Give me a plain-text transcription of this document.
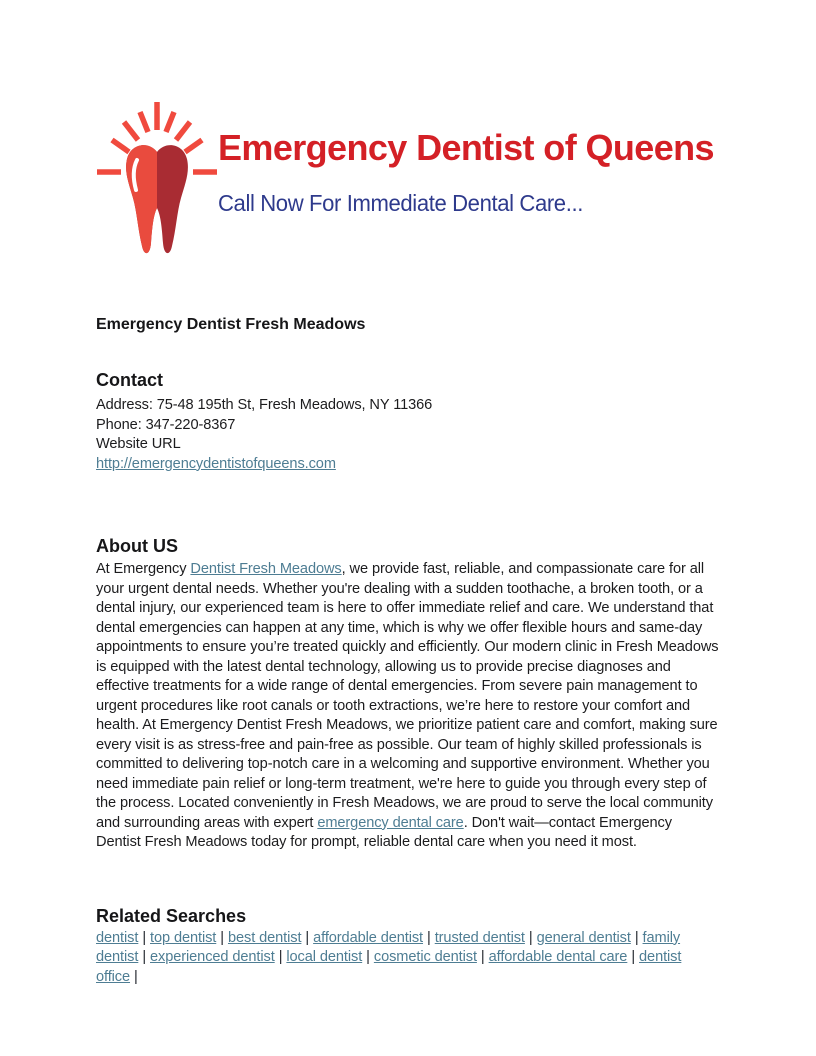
Emergency Dentist of Queens
Call Now For Immediate Dental Care...
Emergency Dentist Fresh Meadows
Contact
Address: 75-48 195th St, Fresh Meadows, NY 11366
Phone: 347-220-8367
Website URL
http://emergencydentistofqueens.com
About US

At Emergency Dentist Fresh Meadows, we provide fast, reliable, and compassionate care for all your urgent dental needs. Whether you're dealing with a sudden toothache, a broken tooth, or a dental injury, our experienced team is here to offer immediate relief and care. We understand that dental emergencies can happen at any time, which is why we offer flexible hours and same-day appointments to ensure you’re treated quickly and efficiently. Our modern clinic in Fresh Meadows is equipped with the latest dental technology, allowing us to provide precise diagnoses and effective treatments for a wide range of dental emergencies. From severe pain management to urgent procedures like root canals or tooth extractions, we’re here to restore your comfort and health. At Emergency Dentist Fresh Meadows, we prioritize patient care and comfort, making sure every visit is as stress-free and pain-free as possible. Our team of highly skilled professionals is committed to delivering top-notch care in a welcoming and supportive environment. Whether you need immediate pain relief or long-term treatment, we're here to guide you through every step of the process. Located conveniently in Fresh Meadows, we are proud to serve the local community and surrounding areas with expert emergency dental care. Don't wait—contact Emergency Dentist Fresh Meadows today for prompt, reliable dental care when you need it most.

Related Searches
dentist | top dentist | best dentist | affordable dentist | trusted dentist | general dentist | family dentist | experienced dentist | local dentist | cosmetic dentist | affordable dental care | dentist office |
